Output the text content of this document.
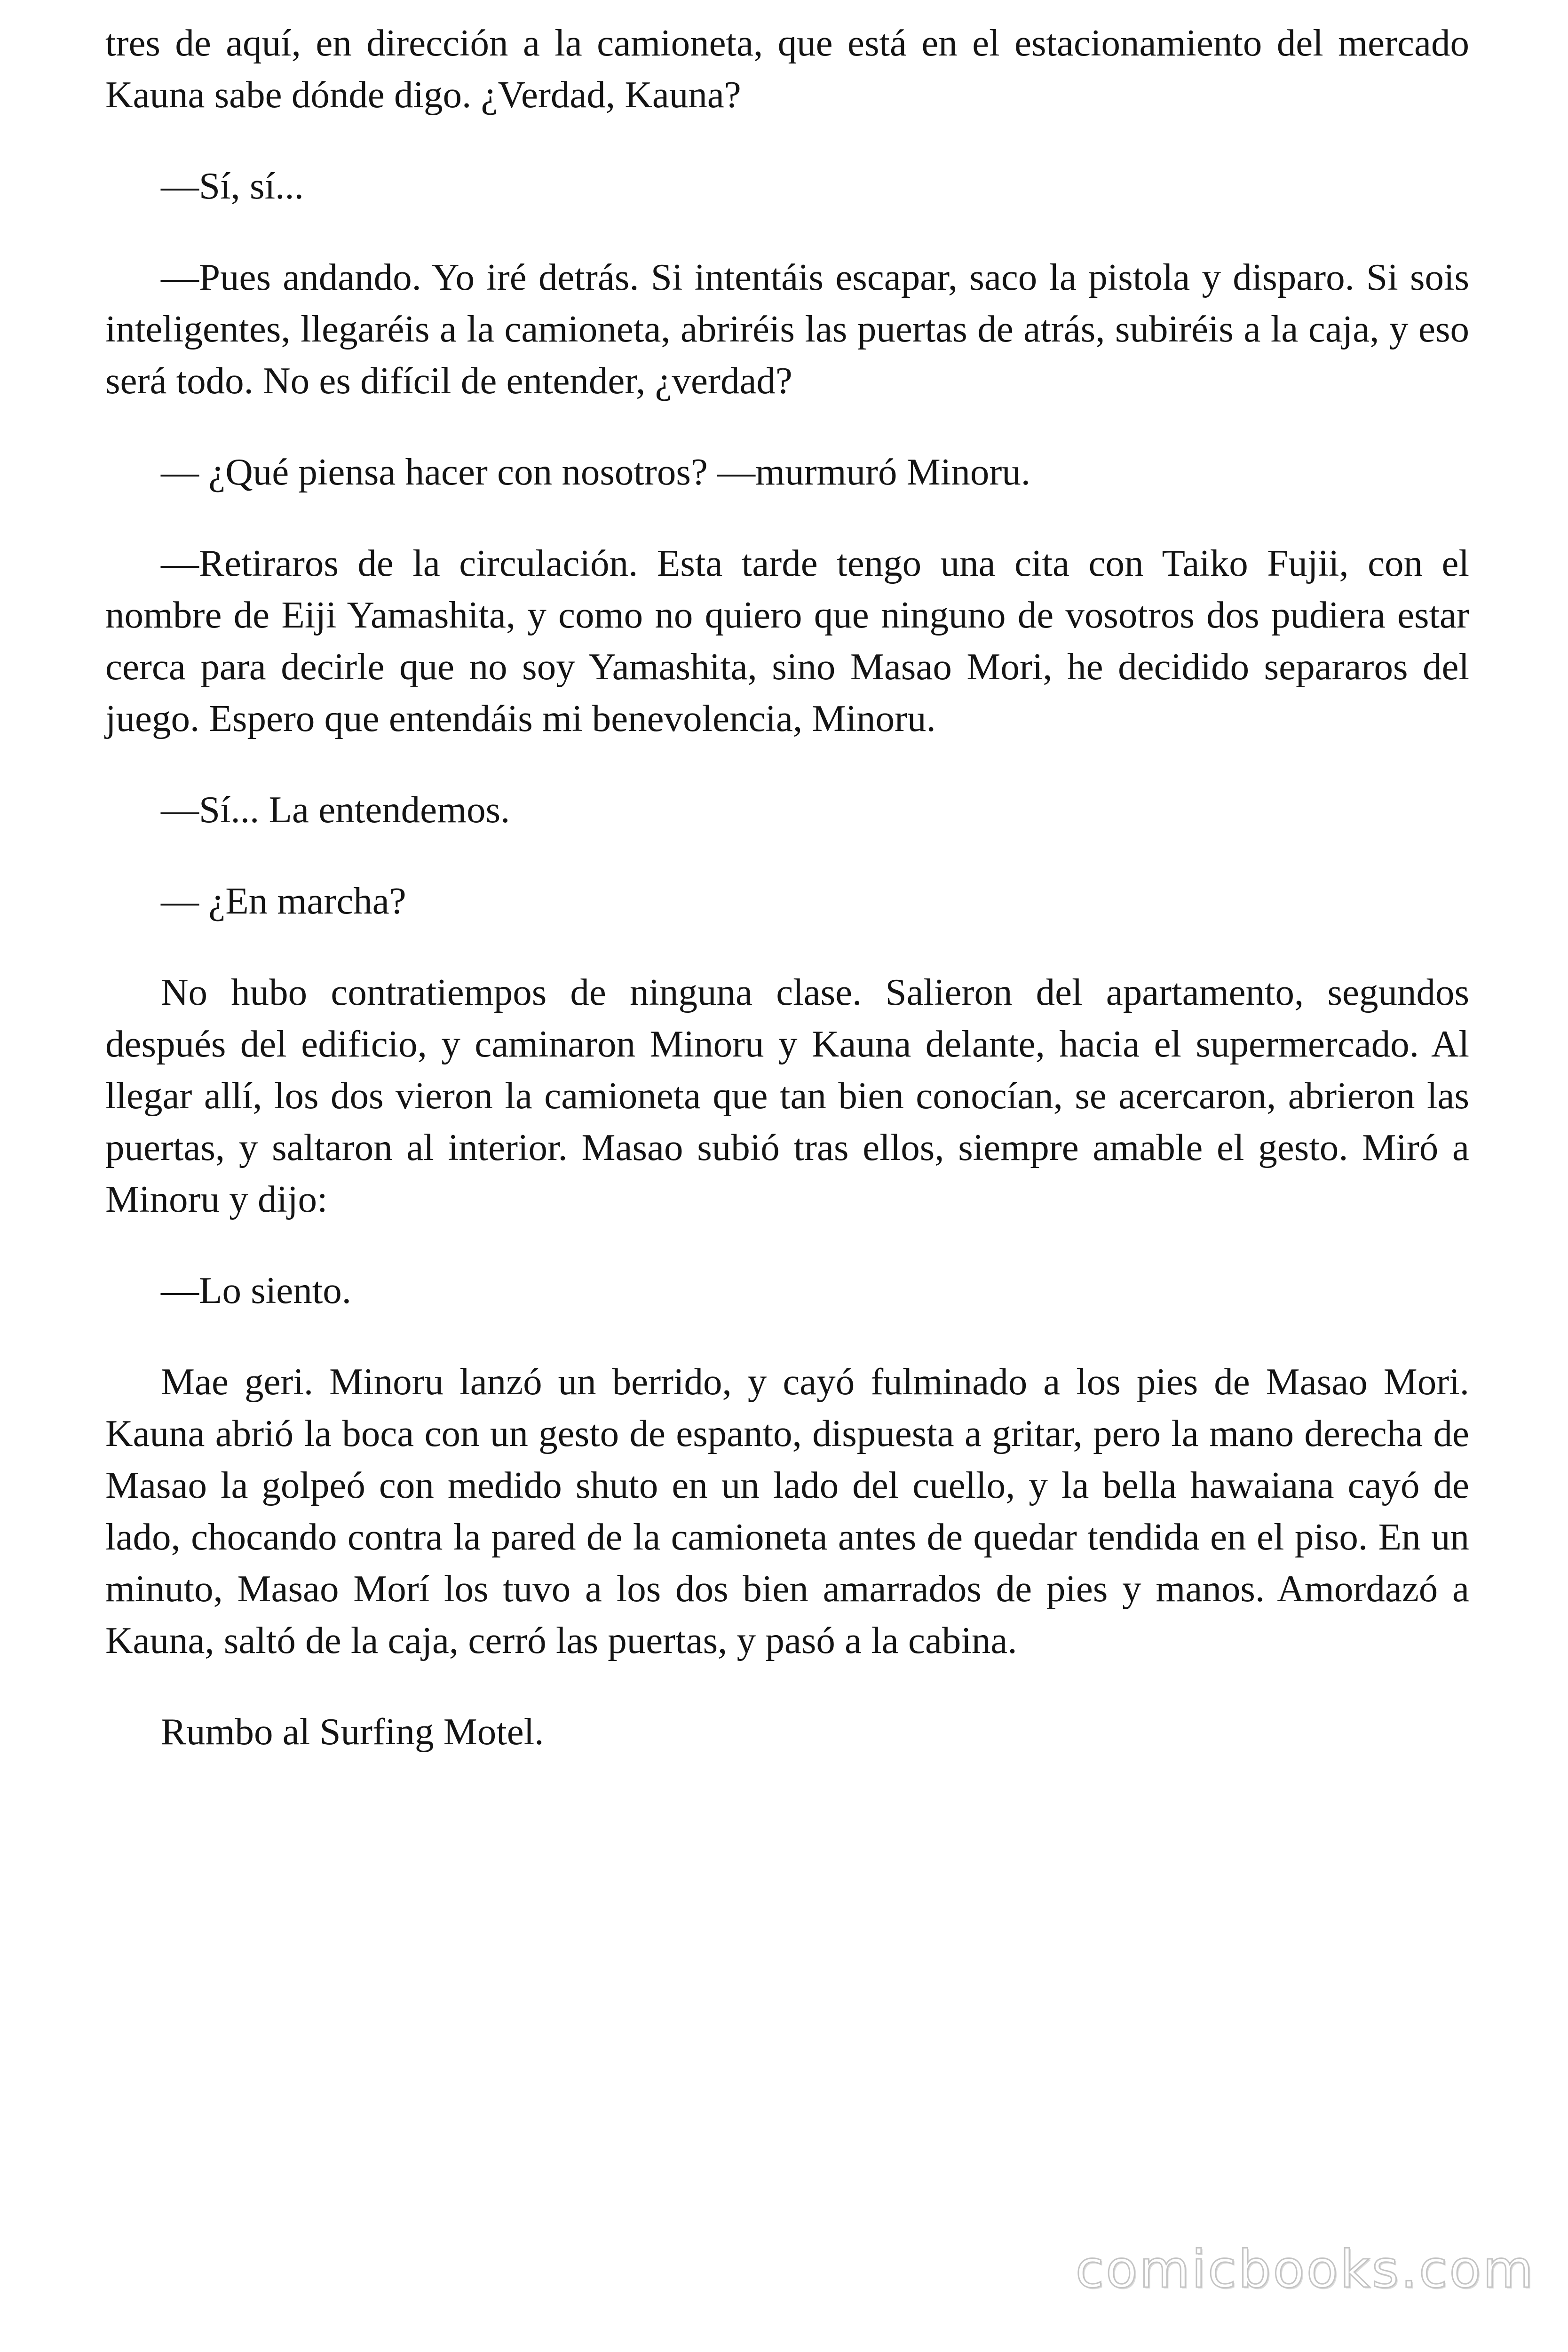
tres de aquí, en dirección a la camioneta, que está en el estacionamiento del mercado Kauna sabe dónde digo. ¿Verdad, Kauna?

—Sí, sí...

—Pues andando. Yo iré detrás. Si intentáis escapar, saco la pistola y disparo. Si sois inteligentes, llegaréis a la camioneta, abriréis las puertas de atrás, subiréis a la caja, y eso será todo. No es difícil de entender, ¿verdad?

— ¿Qué piensa hacer con nosotros? —murmuró Minoru.

—Retiraros de la circulación. Esta tarde tengo una cita con Taiko Fujii, con el nombre de Eiji Yamashita, y como no quiero que ninguno de vosotros dos pudiera estar cerca para decirle que no soy Yamashita, sino Masao Mori, he decidido separaros del juego. Espero que entendáis mi benevolencia, Minoru.

—Sí... La entendemos.

— ¿En marcha?

No hubo contratiempos de ninguna clase. Salieron del apartamento, segundos después del edificio, y caminaron Minoru y Kauna delante, hacia el supermercado. Al llegar allí, los dos vieron la camioneta que tan bien conocían, se acercaron, abrieron las puertas, y saltaron al interior. Masao subió tras ellos, siempre amable el gesto. Miró a Minoru y dijo:

—Lo siento.

Mae geri. Minoru lanzó un berrido, y cayó fulminado a los pies de Masao Mori. Kauna abrió la boca con un gesto de espanto, dispuesta a gritar, pero la mano derecha de Masao la golpeó con medido shuto en un lado del cuello, y la bella hawaiana cayó de lado, chocando contra la pared de la camioneta antes de quedar tendida en el piso. En un minuto, Masao Morí los tuvo a los dos bien amarrados de pies y manos. Amordazó a Kauna, saltó de la caja, cerró las puertas, y pasó a la cabina.

Rumbo al Surfing Motel.

comicbooks.com
